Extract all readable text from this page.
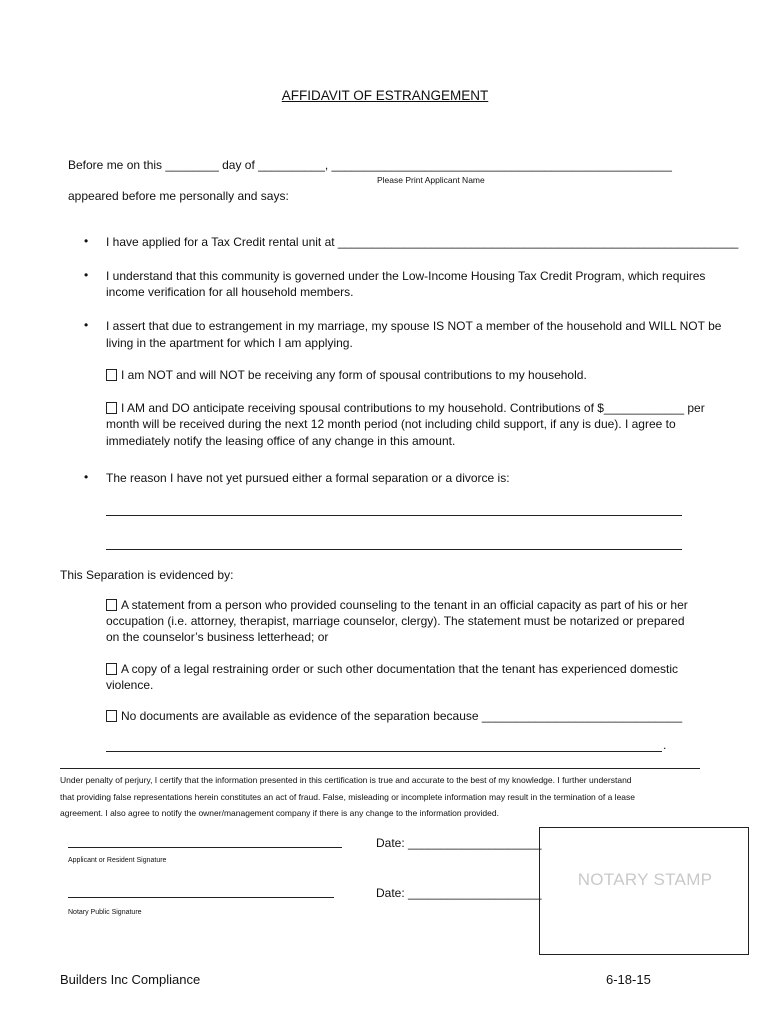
AFFIDAVIT OF ESTRANGEMENT
Before me on this ________ day of __________, ___________________________________________________
Please Print Applicant Name
appeared before me personally and says:
• I have applied for a Tax Credit rental unit at ____________________________________________________________
• I understand that this community is governed under the Low-Income Housing Tax Credit Program, which requires
income verification for all household members.
• I assert that due to estrangement in my marriage, my spouse IS NOT a member of the household and WILL NOT be
living in the apartment for which I am applying.
I am NOT and will NOT be receiving any form of spousal contributions to my household.
I AM and DO anticipate receiving spousal contributions to my household. Contributions of $____________ per
month will be received during the next 12 month period (not including child support, if any is due). I agree to
immediately notify the leasing office of any change in this amount.
• The reason I have not yet pursued either a formal separation or a divorce is:
This Separation is evidenced by:
A statement from a person who provided counseling to the tenant in an official capacity as part of his or her
occupation (i.e. attorney, therapist, marriage counselor, clergy). The statement must be notarized or prepared
on the counselor’s business letterhead; or
A copy of a legal restraining order or such other documentation that the tenant has experienced domestic
violence.
No documents are available as evidence of the separation because ______________________________
.
Under penalty of perjury, I certify that the information presented in this certification is true and accurate to the best of my knowledge. I further understand
that providing false representations herein constitutes an act of fraud. False, misleading or incomplete information may result in the termination of a lease
agreement. I also agree to notify the owner/management company if there is any change to the information provided.
Applicant or Resident Signature
Date: ____________________
Notary Public Signature
Date: ____________________
NOTARY STAMP
Builders Inc Compliance	6-18-15
